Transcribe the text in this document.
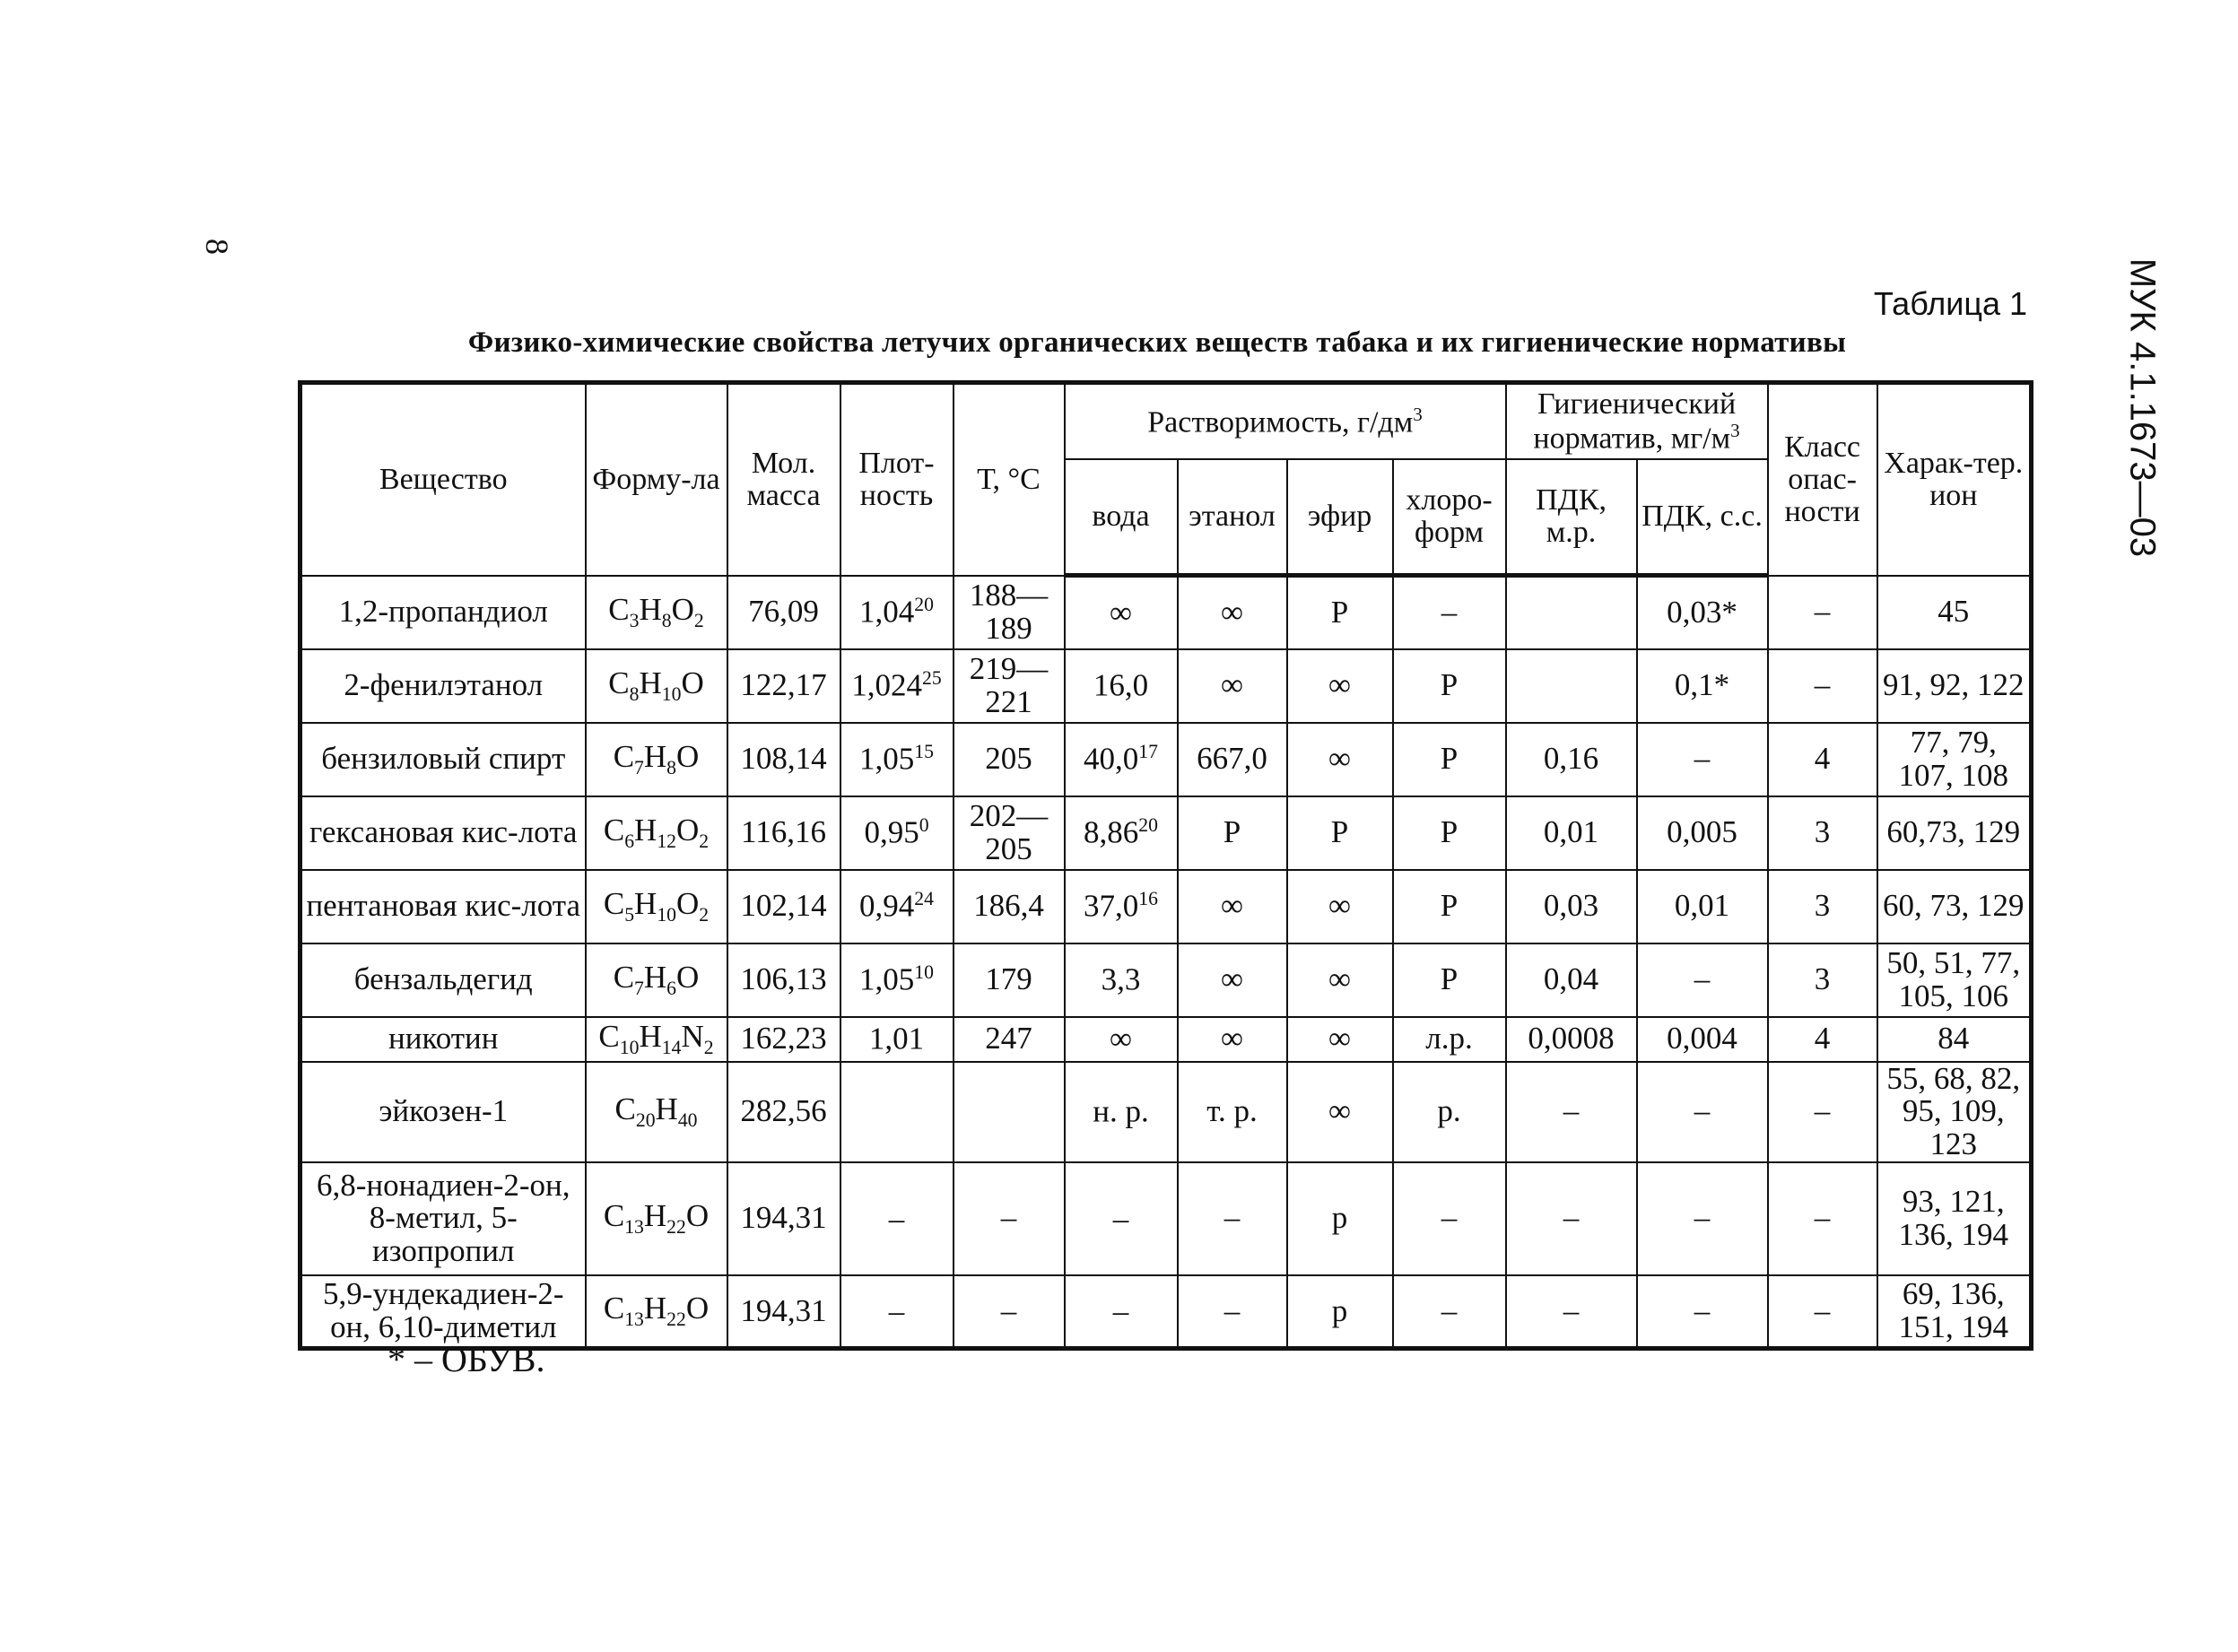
8
МУК 4.1.1673—03
Таблица 1
Физико-химические свойства летучих органических веществ табака и их гигиенические нормативы
Вещество	Форму-ла	Мол. масса	Плот-ность	Т, °С	Растворимость, $г/дм^3$				Гигиенический норматив, $мг/м^3$		Класс опас-ности	Харак-тер. ион
					вода	этанол	эфир	хлоро-форм	ПДК, м.р.	ПДК, с.с.		
1,2-пропандиол	$C_3H_8O_2$	76,09	1,04$^{20}$	188—189	∞	∞	Р	–		0,03*	–	45
2-фенилэтанол	$C_8H_{10}O$	122,17	1,024$^{25}$	219—221	16,0	∞	∞	Р		0,1*	–	91, 92, 122
бензиловый спирт	$C_7H_8O$	108,14	1,05$^{15}$	205	40,0$^{17}$	667,0	∞	Р	0,16	–	4	77, 79, 107, 108
гексановая кис-лота	$C_6H_{12}O_2$	116,16	0,95$^0$	202—205	8,86$^{20}$	Р	Р	Р	0,01	0,005	3	60,73, 129
пентановая кис-лота	$C_5H_{10}O_2$	102,14	0,94$^{24}$	186,4	37,0$^{16}$	∞	∞	Р	0,03	0,01	3	60, 73, 129
бензальдегид	$C_7H_6O$	106,13	1,05$^{10}$	179	3,3	∞	∞	Р	0,04	–	3	50, 51, 77, 105, 106
никотин	$C_{10}H_{14}N_2$	162,23	1,01	247	∞	∞	∞	л.р.	0,0008	0,004	4	84
эйкозен-1	$C_{20}H_{40}$	282,56			н. р.	т. р.	∞	р.	–	–	–	55, 68, 82, 95, 109, 123
6,8-нонадиен-2-он, 8-метил, 5-изопропил	$C_{13}H_{22}O$	194,31	–	–	–	–	р	–	–	–	–	93, 121, 136, 194
5,9-ундекадиен-2-он, 6,10-диметил	$C_{13}H_{22}O$	194,31	–	–	–	–	р	–	–	–	–	69, 136, 151, 194
* – ОБУВ.
